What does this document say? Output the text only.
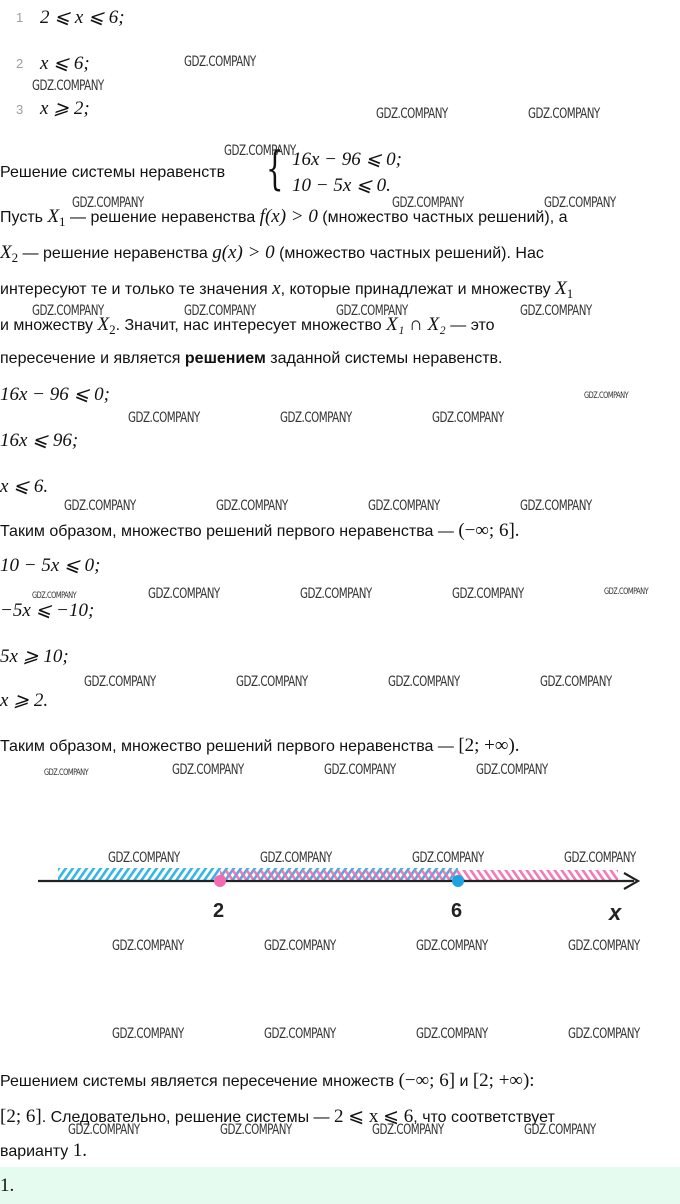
1 2 ⩽ x ⩽ 6;
2 x ⩽ 6;
3 x ⩾ 2;
Решение системы неравенств { 16x − 96 ⩽ 0;
10 − 5x ⩽ 0.
Пусть $X_1$ — решение неравенства f(x) > 0 (множество частных решений), а
$X_2$ — решение неравенства g(x) > 0 (множество частных решений). Нас
интересуют те и только те значения x, которые принадлежат и множеству $X_1$
и множеству $X_2$. Значит, нас интересует множество X₁ ∩ X₂ — это
пересечение и является решением заданной системы неравенств.
16x − 96 ⩽ 0;
16x ⩽ 96;
x ⩽ 6.
Таким образом, множество решений первого неравенства — (−∞; 6].
10 − 5x ⩽ 0;
−5x ⩽ −10;
5x ⩾ 10;
x ⩾ 2.
Таким образом, множество решений первого неравенства — [2; +∞).
2	6	x
Решением системы является пересечение множеств (−∞; 6] и [2; +∞):
[2; 6]. Следовательно, решение системы — 2 ⩽ x ⩽ 6, что соответствует
варианту 1.
1.
GDZ.COMPANY
GDZ.COMPANY
GDZ.COMPANY	GDZ.COMPANY
GDZ.COMPANY
GDZ.COMPANY	GDZ.COMPANY	GDZ.COMPANY
GDZ.COMPANY	GDZ.COMPANY	GDZ.COMPANY	GDZ.COMPANY
GDZ.COMPANY
GDZ.COMPANY	GDZ.COMPANY	GDZ.COMPANY
GDZ.COMPANY	GDZ.COMPANY	GDZ.COMPANY	GDZ.COMPANY
GDZ.COMPANY	GDZ.COMPANY	GDZ.COMPANY	GDZ.COMPANY	GDZ.COMPANY
GDZ.COMPANY	GDZ.COMPANY	GDZ.COMPANY	GDZ.COMPANY
GDZ.COMPANY	GDZ.COMPANY	GDZ.COMPANY	GDZ.COMPANY
GDZ.COMPANY	GDZ.COMPANY	GDZ.COMPANY	GDZ.COMPANY
GDZ.COMPANY	GDZ.COMPANY	GDZ.COMPANY	GDZ.COMPANY
GDZ.COMPANY	GDZ.COMPANY	GDZ.COMPANY	GDZ.COMPANY
GDZ.COMPANY	GDZ.COMPANY	GDZ.COMPANY	GDZ.COMPANY
